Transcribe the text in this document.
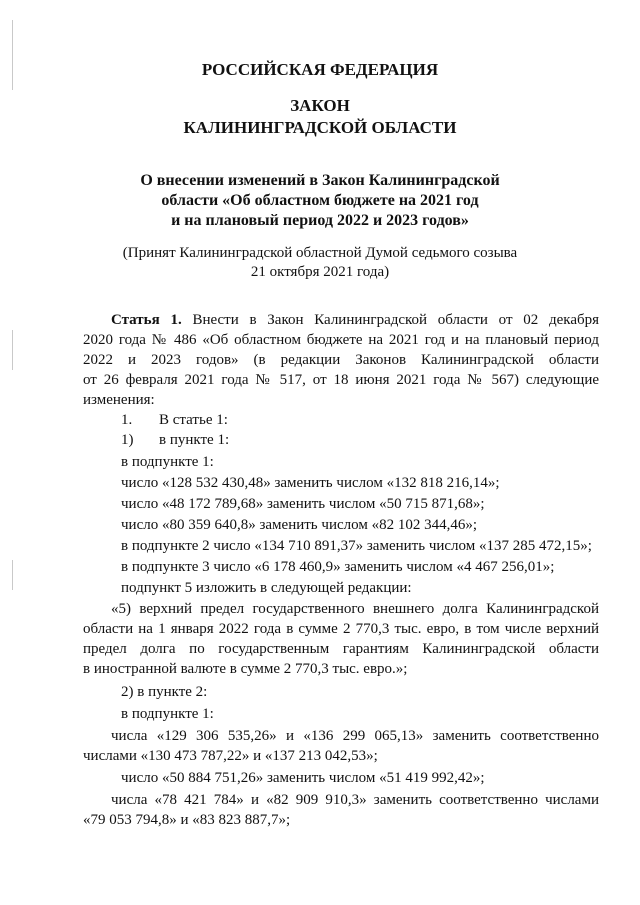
РОССИЙСКАЯ ФЕДЕРАЦИЯ
ЗАКОН
КАЛИНИНГРАДСКОЙ ОБЛАСТИ
О внесении изменений в Закон Калининградской
области «Об областном бюджете на 2021 год
и на плановый период 2022 и 2023 годов»
(Принят Калининградской областной Думой седьмого созыва
21 октября 2021 года)
Статья 1. Внести в Закон Калининградской области от 02 декабря
2020 года № 486 «Об областном бюджете на 2021 год и на плановый период
2022 и 2023 годов» (в редакции Законов Калининградской области
от 26 февраля 2021 года № 517, от 18 июня 2021 года № 567) следующие
изменения:
1. В статье 1:
1) в пункте 1:
в подпункте 1:
число «128 532 430,48» заменить числом «132 818 216,14»;
число «48 172 789,68» заменить числом «50 715 871,68»;
число «80 359 640,8» заменить числом «82 102 344,46»;
в подпункте 2 число «134 710 891,37» заменить числом «137 285 472,15»;
в подпункте 3 число «6 178 460,9» заменить числом «4 467 256,01»;
подпункт 5 изложить в следующей редакции:
«5) верхний предел государственного внешнего долга Калининградской
области на 1 января 2022 года в сумме 2 770,3 тыс. евро, в том числе верхний
предел долга по государственным гарантиям Калининградской области
в иностранной валюте в сумме 2 770,3 тыс. евро.»;
2) в пункте 2:
в подпункте 1:
числа «129 306 535,26» и «136 299 065,13» заменить соответственно
числами «130 473 787,22» и «137 213 042,53»;
число «50 884 751,26» заменить числом «51 419 992,42»;
числа «78 421 784» и «82 909 910,3» заменить соответственно числами
«79 053 794,8» и «83 823 887,7»;
